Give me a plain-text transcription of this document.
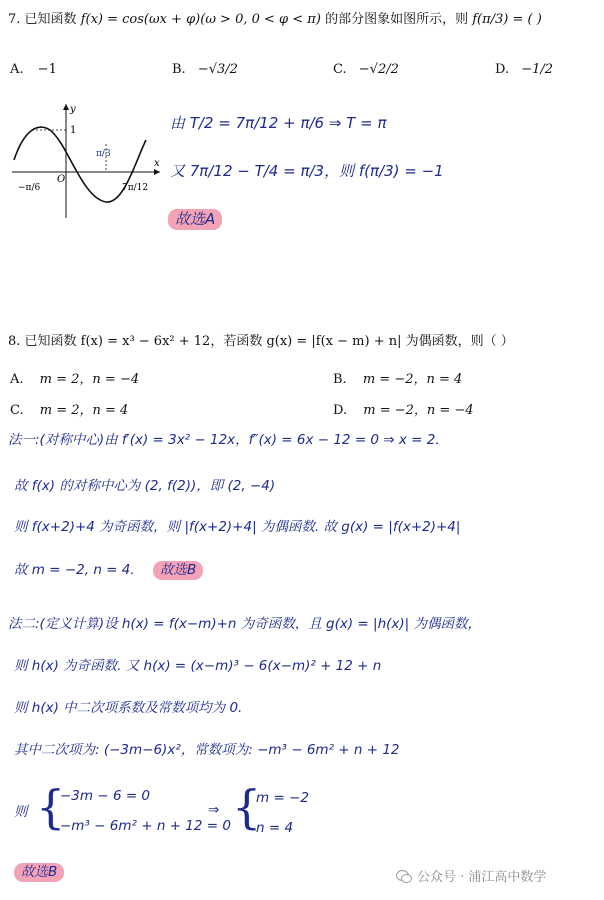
7. 已知函数 f(x) = cos(ωx + φ)(ω > 0, 0 < φ < π) 的部分图象如图所示，则 f(π/3) = ( )
A. −1	B. −√3/2	C. −√2/2	D. −1/2
y
x
O
1
−π/6
π/3
7π/12
由 T/2 = 7π/12 + π/6 ⇒ T = π
又 7π/12 − T/4 = π/3，则 f(π/3) = −1
故选A
8. 已知函数 f(x) = x³ − 6x² + 12，若函数 g(x) = |f(x − m) + n| 为偶函数，则（ ）
A. m = 2，n = −4	B. m = −2，n = 4
C. m = 2，n = 4	D. m = −2，n = −4
法一:(对称中心)由 f′(x) = 3x² − 12x，f″(x) = 6x − 12 = 0 ⇒ x = 2.
故 f(x) 的对称中心为 (2, f(2))，即 (2, −4)
则 f(x+2)+4 为奇函数，则 |f(x+2)+4| 为偶函数. 故 g(x) = |f(x+2)+4|
故 m = −2, n = 4. 故选B
法二:(定义计算)设 h(x) = f(x−m)+n 为奇函数，且 g(x) = |h(x)| 为偶函数，
则 h(x) 为奇函数. 又 h(x) = (x−m)³ − 6(x−m)² + 12 + n
则 h(x) 中二次项系数及常数项均为 0.
其中二次项为: (−3m−6)x²，常数项为: −m³ − 6m² + n + 12
则 {
−3m − 6 = 0
−m³ − 6m² + n + 12 = 0
⇒ {
m = −2
n = 4
故选B	公众号 · 浦江高中数学
